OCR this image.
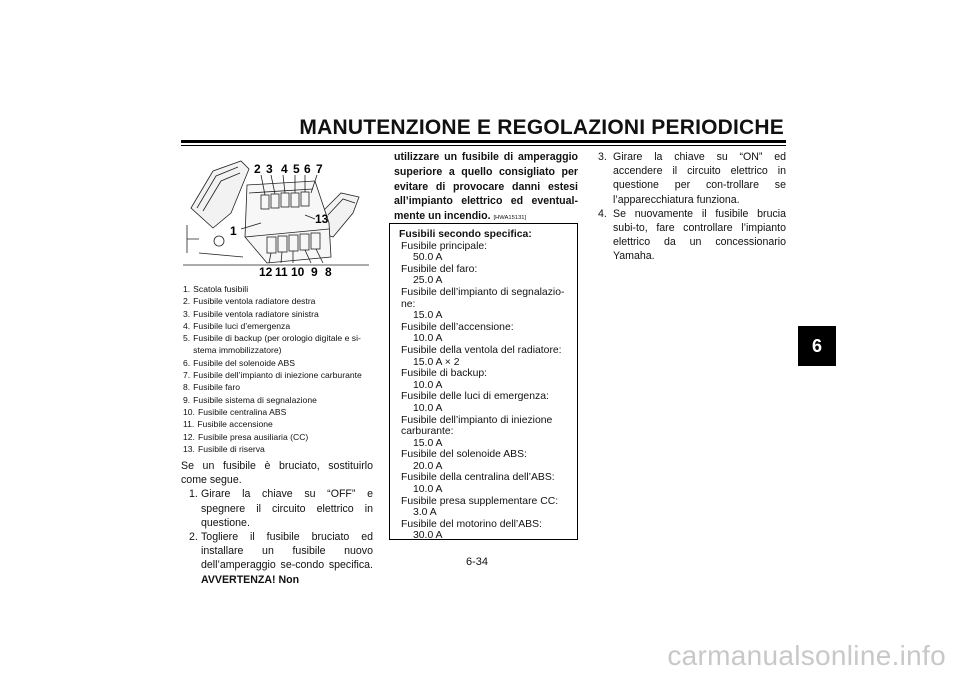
MANUTENZIONE E REGOLAZIONI PERIODICHE
2 3 4 5 6 7
1
13
12 11 10 9 8
1. Scatola fusibili
2. Fusibile ventola radiatore destra
3. Fusibile ventola radiatore sinistra
4. Fusibile luci d’emergenza
5. Fusibile di backup (per orologio digitale e si-stema immobilizzatore)
6. Fusibile del solenoide ABS
7. Fusibile dell’impianto di iniezione carburante
8. Fusibile faro
9. Fusibile sistema di segnalazione
10. Fusibile centralina ABS
11. Fusibile accensione
12. Fusibile presa ausiliaria (CC)
13. Fusibile di riserva
Se un fusibile è bruciato, sostituirlo come segue.
1. Girare la chiave su “OFF” e spegnere il circuito elettrico in questione.
2. Togliere il fusibile bruciato ed installare un fusibile nuovo dell’amperaggio se-condo specifica. AVVERTENZA! Non
utilizzare un fusibile di amperaggio superiore a quello consigliato per evitare di provocare danni estesi all’impianto elettrico ed eventual-mente un incendio. [HWA15131]
Fusibili secondo specifica:
Fusibile principale:
50.0 A
Fusibile del faro:
25.0 A
Fusibile dell’impianto di segnalazio-ne:
15.0 A
Fusibile dell’accensione:
10.0 A
Fusibile della ventola del radiatore:
15.0 A × 2
Fusibile di backup:
10.0 A
Fusibile delle luci di emergenza:
10.0 A
Fusibile dell’impianto di iniezione carburante:
15.0 A
Fusibile del solenoide ABS:
20.0 A
Fusibile della centralina dell’ABS:
10.0 A
Fusibile presa supplementare CC:
3.0 A
Fusibile del motorino dell’ABS:
30.0 A
3. Girare la chiave su “ON” ed accendere il circuito elettrico in questione per con-trollare se l’apparecchiatura funziona.
4. Se nuovamente il fusibile brucia subi-to, fare controllare l’impianto elettrico da un concessionario Yamaha.
6
6-34
carmanualsonline.info
